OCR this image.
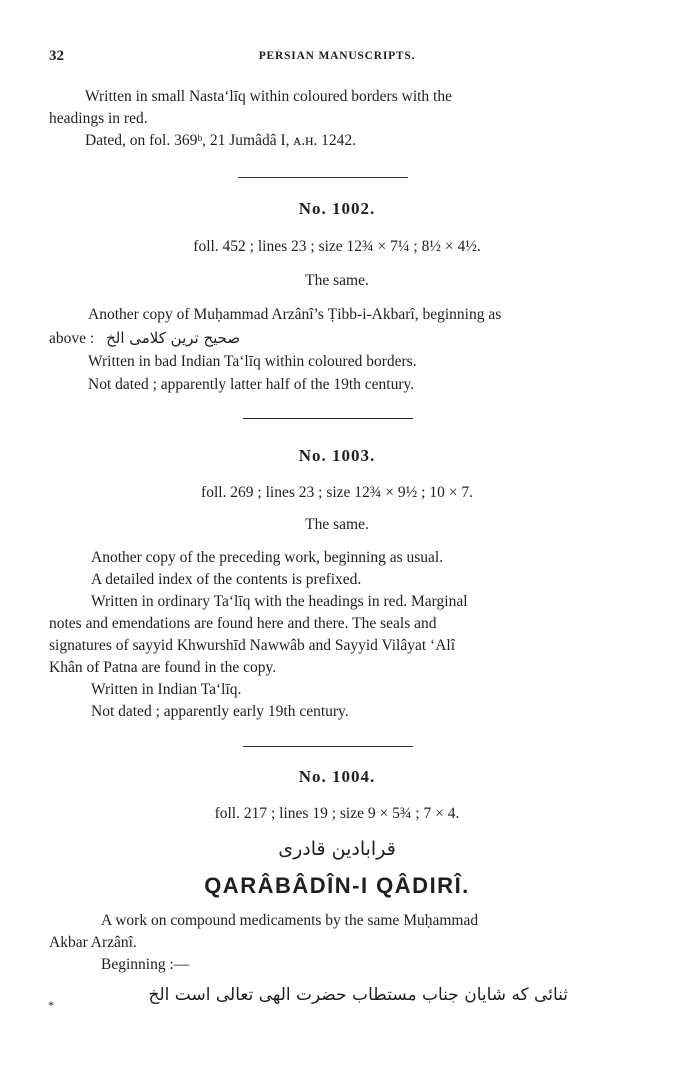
32	PERSIAN MANUSCRIPTS.
Written in small Nasta‘līq within coloured borders with the
headings in red.
Dated, on fol. 369ᵇ, 21 Jumâdâ I, ᴀ.ʜ. 1242.
No. 1002.
foll. 452 ; lines 23 ; size 12¾ × 7¼ ; 8½ × 4½.
The same.
Another copy of Muḥammad Arzânî’s Ṭibb-i-Akbarî, beginning as
above : صحیح ترین کلامی الخ
Written in bad Indian Ta‘līq within coloured borders.
Not dated ; apparently latter half of the 19th century.
No. 1003.
foll. 269 ; lines 23 ; size 12¾ × 9½ ; 10 × 7.
The same.
Another copy of the preceding work, beginning as usual.
A detailed index of the contents is prefixed.
Written in ordinary Ta‘līq with the headings in red. Marginal
notes and emendations are found here and there. The seals and
signatures of sayyid Khwurshīd Nawwâb and Sayyid Vilâyat ‘Alî
Khân of Patna are found in the copy.
Written in Indian Ta‘līq.
Not dated ; apparently early 19th century.
No. 1004.
foll. 217 ; lines 19 ; size 9 × 5¾ ; 7 × 4.
قرابادین قادری
QARÂBÂDÎN-I QÂDIRÎ.
A work on compound medicaments by the same Muḥammad
Akbar Arzânî.
Beginning :—
*	ثنائی که شایان جناب مستطاب حضرت الهی تعالی است الخ
